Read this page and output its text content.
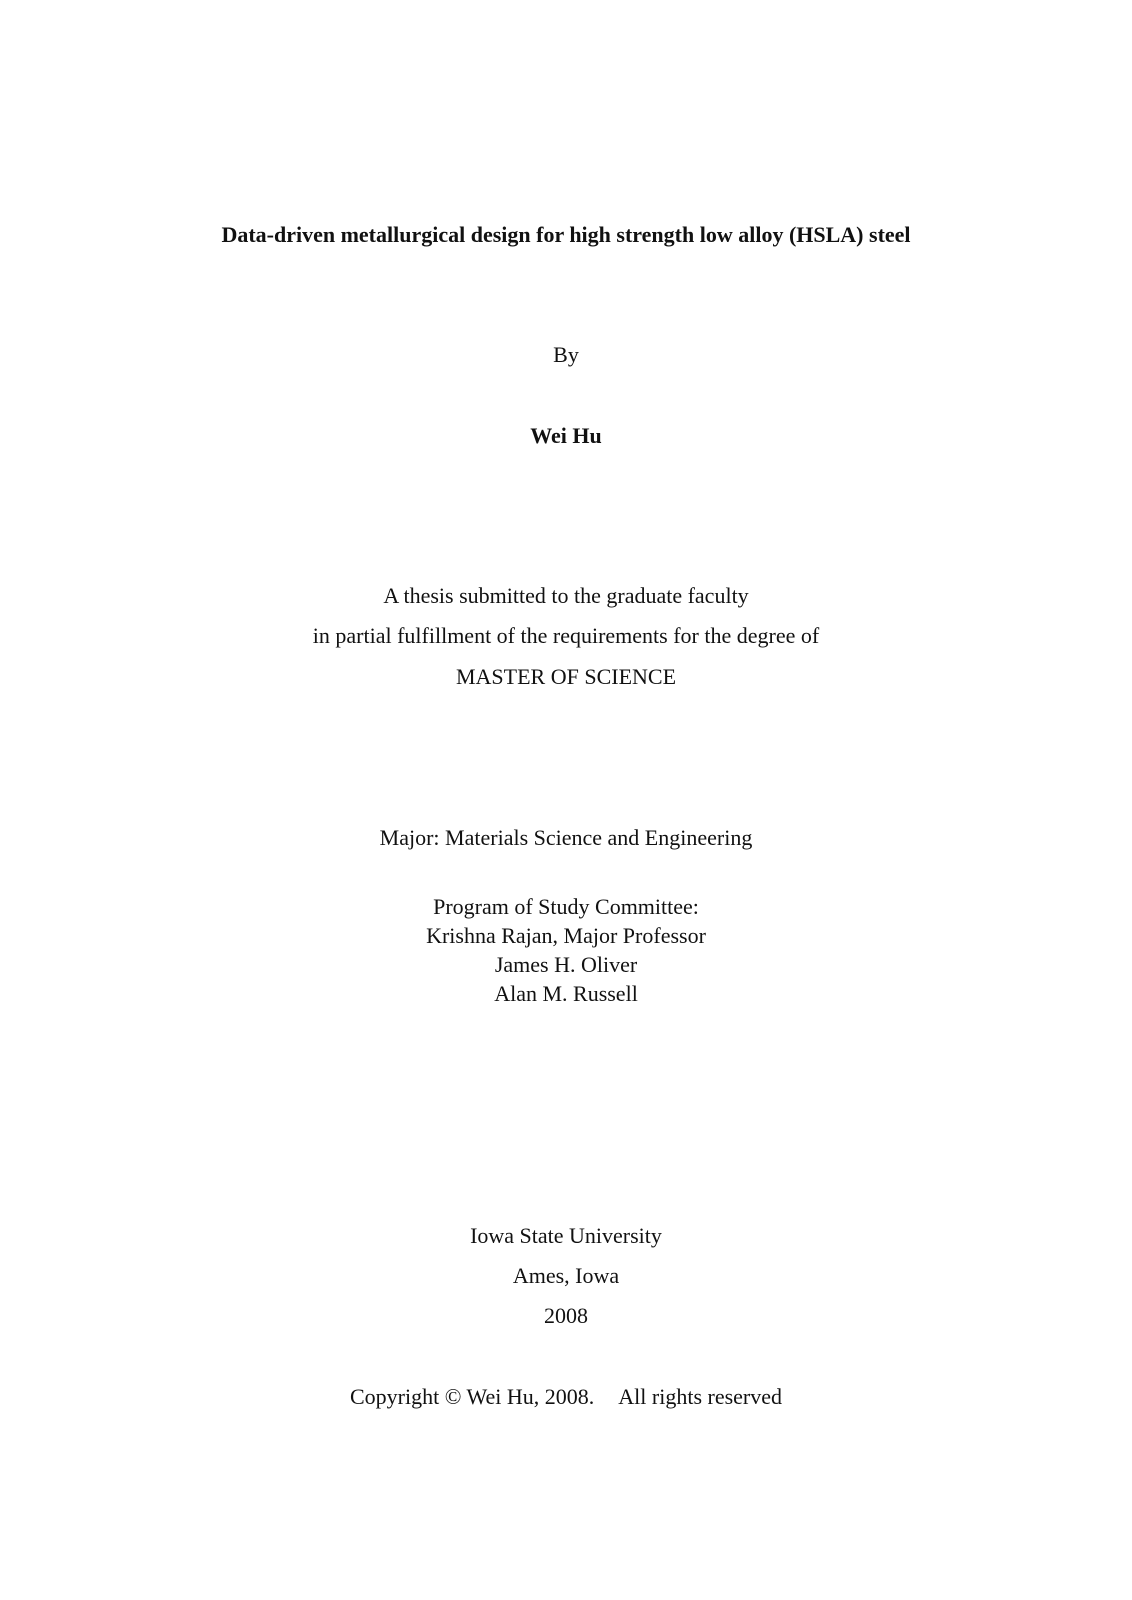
Data-driven metallurgical design for high strength low alloy (HSLA) steel
By
Wei Hu
A thesis submitted to the graduate faculty
in partial fulfillment of the requirements for the degree of
MASTER OF SCIENCE
Major: Materials Science and Engineering
Program of Study Committee:
Krishna Rajan, Major Professor
James H. Oliver
Alan M. Russell
Iowa State University
Ames, Iowa
2008
Copyright © Wei Hu, 2008. All rights reserved
